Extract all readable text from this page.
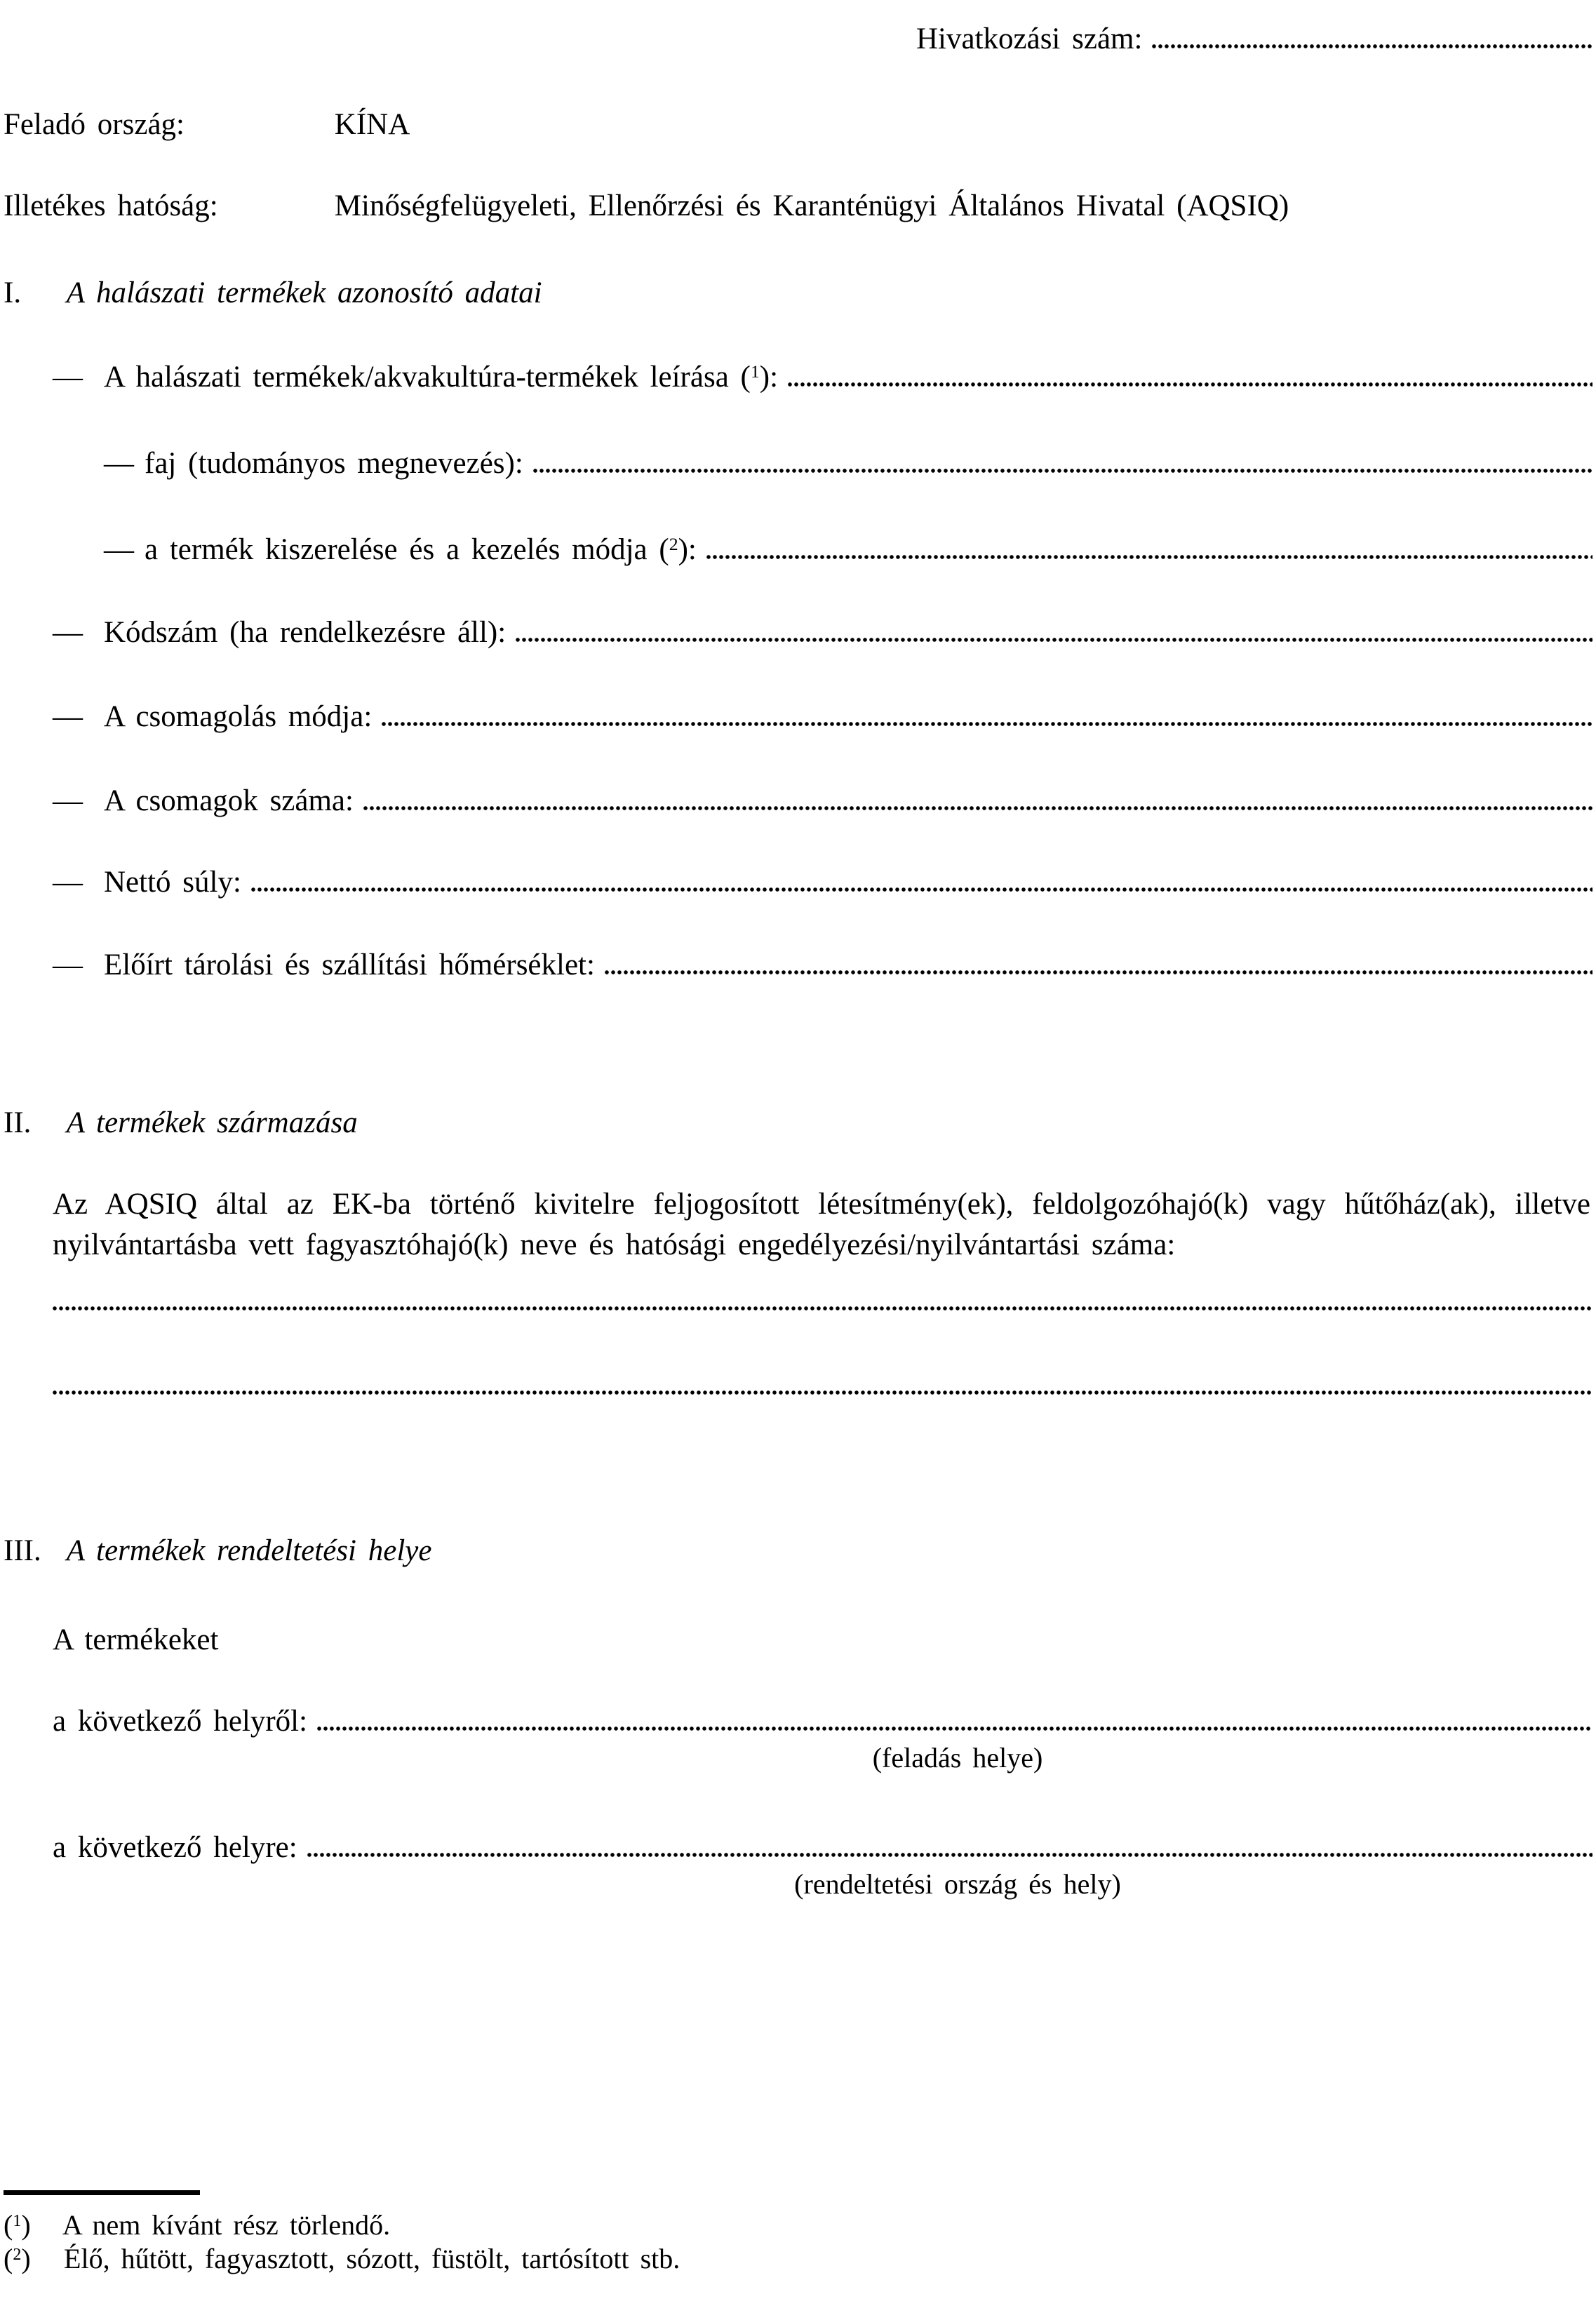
Hivatkozási szám:
Feladó ország:	KÍNA
Illetékes hatóság:	Minőségfelügyeleti, Ellenőrzési és Karanténügyi Általános Hivatal (AQSIQ)
I. A halászati termékek azonosító adatai
— A halászati termékek/akvakultúra-termékek leírása ($^1$):
— faj (tudományos megnevezés):
— a termék kiszerelése és a kezelés módja ($^2$):
— Kódszám (ha rendelkezésre áll):
— A csomagolás módja:
— A csomagok száma:
— Nettó súly:
— Előírt tárolási és szállítási hőmérséklet:
II. A termékek származása
Az AQSIQ által az EK-ba történő kivitelre feljogosított létesítmény(ek), feldolgozóhajó(k) vagy hűtőház(ak), illetve nyilvántartásba vett fagyasztóhajó(k) neve és hatósági engedélyezési/nyilvántartási száma:
III. A termékek rendeltetési helye
A termékeket
a következő helyről:
(feladás helye)
a következő helyre:
(rendeltetési ország és hely)
($^1$) A nem kívánt rész törlendő.
($^2$) Élő, hűtött, fagyasztott, sózott, füstölt, tartósított stb.
